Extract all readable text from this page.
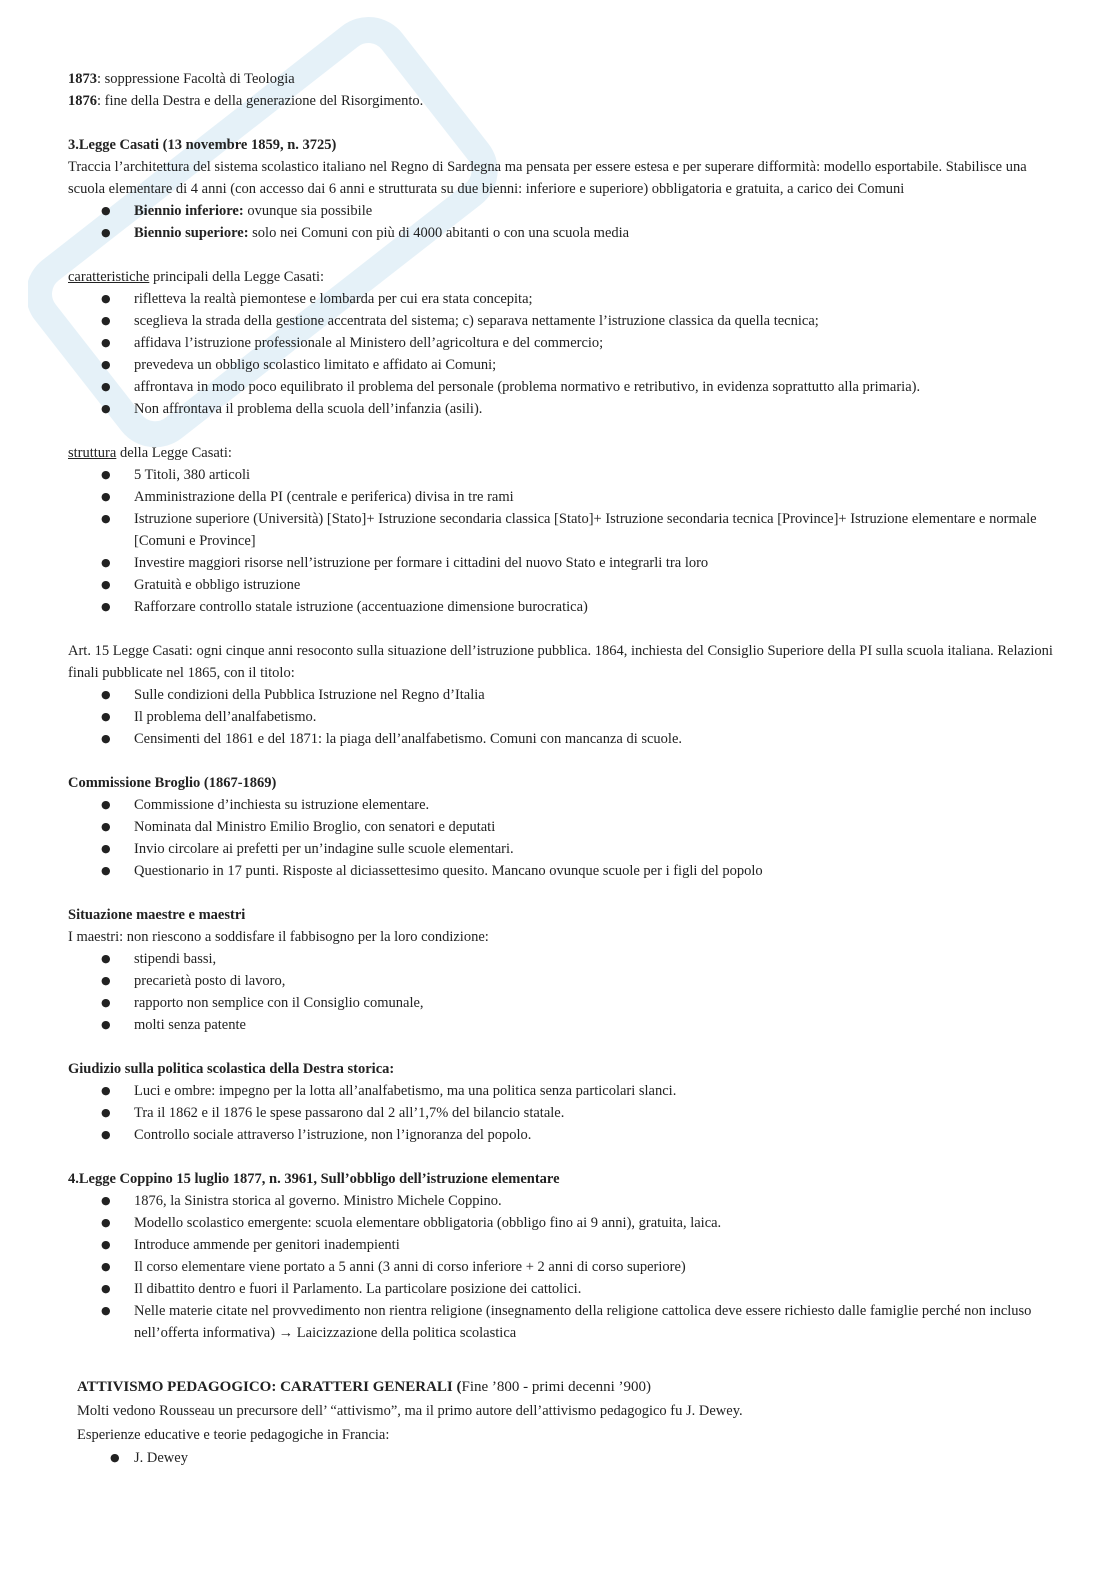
1873: soppressione Facoltà di Teologia

1876: fine della Destra e della generazione del Risorgimento.

3.Legge Casati (13 novembre 1859, n. 3725)

Traccia l’architettura del sistema scolastico italiano nel Regno di Sardegna ma pensata per essere estesa e per superare difformità: modello esportabile. Stabilisce una scuola elementare di 4 anni (con accesso dai 6 anni e strutturata su due bienni: inferiore e superiore) obbligatoria e gratuita, a carico dei Comuni

● Biennio inferiore: ovunque sia possibile
● Biennio superiore: solo nei Comuni con più di 4000 abitanti o con una scuola media

caratteristiche principali della Legge Casati:

● rifletteva la realtà piemontese e lombarda per cui era stata concepita;
● sceglieva la strada della gestione accentrata del sistema; c) separava nettamente l’istruzione classica da quella tecnica;
● affidava l’istruzione professionale al Ministero dell’agricoltura e del commercio;
● prevedeva un obbligo scolastico limitato e affidato ai Comuni;
● affrontava in modo poco equilibrato il problema del personale (problema normativo e retributivo, in evidenza soprattutto alla primaria).
● Non affrontava il problema della scuola dell’infanzia (asili).

struttura della Legge Casati:

● 5 Titoli, 380 articoli
● Amministrazione della PI (centrale e periferica) divisa in tre rami
● Istruzione superiore (Università) [Stato]+ Istruzione secondaria classica [Stato]+ Istruzione secondaria tecnica [Province]+ Istruzione elementare e normale [Comuni e Province]
● Investire maggiori risorse nell’istruzione per formare i cittadini del nuovo Stato e integrarli tra loro
● Gratuità e obbligo istruzione
● Rafforzare controllo statale istruzione (accentuazione dimensione burocratica)

Art. 15 Legge Casati: ogni cinque anni resoconto sulla situazione dell’istruzione pubblica. 1864, inchiesta del Consiglio Superiore della PI sulla scuola italiana. Relazioni finali pubblicate nel 1865, con il titolo:

● Sulle condizioni della Pubblica Istruzione nel Regno d’Italia
● Il problema dell’analfabetismo.
● Censimenti del 1861 e del 1871: la piaga dell’analfabetismo. Comuni con mancanza di scuole.
Commissione Broglio (1867-1869)
● Commissione d’inchiesta su istruzione elementare.
● Nominata dal Ministro Emilio Broglio, con senatori e deputati
● Invio circolare ai prefetti per un’indagine sulle scuole elementari.
● Questionario in 17 punti. Risposte al diciassettesimo quesito. Mancano ovunque scuole per i figli del popolo
Situazione maestre e maestri

I maestri: non riescono a soddisfare il fabbisogno per la loro condizione:

● stipendi bassi,
● precarietà posto di lavoro,
● rapporto non semplice con il Consiglio comunale,
● molti senza patente
Giudizio sulla politica scolastica della Destra storica:
● Luci e ombre: impegno per la lotta all’analfabetismo, ma una politica senza particolari slanci.
● Tra il 1862 e il 1876 le spese passarono dal 2 all’1,7% del bilancio statale.
● Controllo sociale attraverso l’istruzione, non l’ignoranza del popolo.
4.Legge Coppino 15 luglio 1877, n. 3961, Sull’obbligo dell’istruzione elementare
● 1876, la Sinistra storica al governo. Ministro Michele Coppino.
● Modello scolastico emergente: scuola elementare obbligatoria (obbligo fino ai 9 anni), gratuita, laica.
● Introduce ammende per genitori inadempienti
● Il corso elementare viene portato a 5 anni (3 anni di corso inferiore + 2 anni di corso superiore)
● Il dibattito dentro e fuori il Parlamento. La particolare posizione dei cattolici.
● Nelle materie citate nel provvedimento non rientra religione (insegnamento della religione cattolica deve essere richiesto dalle famiglie perché non incluso nell’offerta informativa) → Laicizzazione della politica scolastica
ATTIVISMO PEDAGOGICO: CARATTERI GENERALI (Fine ’800 - primi decenni ’900)

Molti vedono Rousseau un precursore dell’ “attivismo”, ma il primo autore dell’attivismo pedagogico fu J. Dewey.

Esperienze educative e teorie pedagogiche in Francia:

● J. Dewey
